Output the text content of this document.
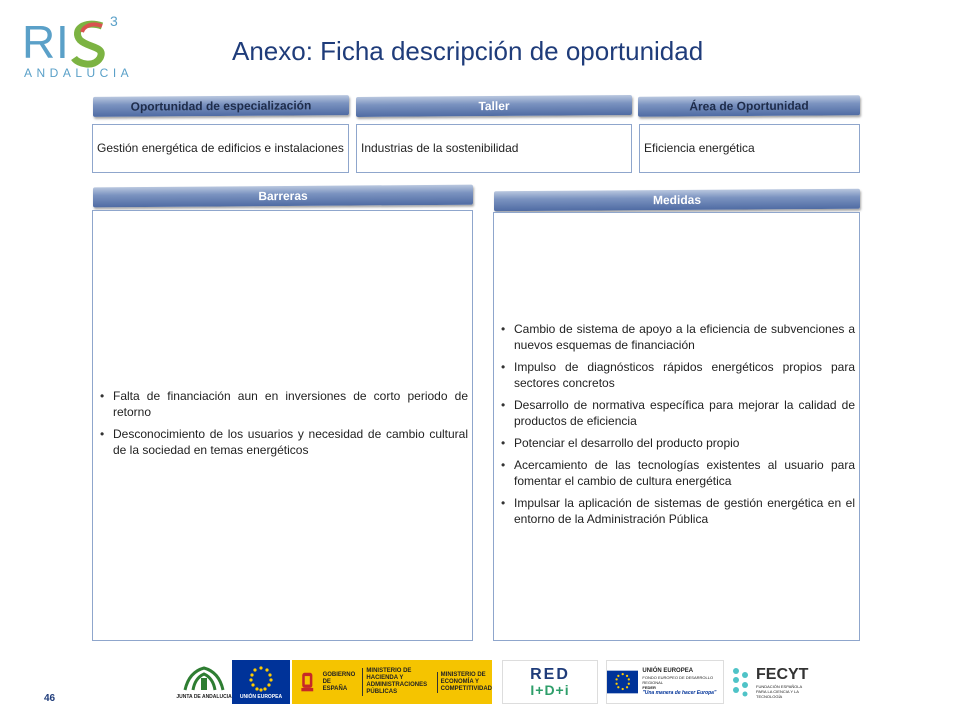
R I	3
ANDALUCIA
Anexo: Ficha descripción de oportunidad
Oportunidad de especialización	Taller	Área de Oportunidad
Gestión energética de edificios e instalaciones	Industrias de la sostenibilidad	Eficiencia energética
Barreras
• Falta de financiación aun en inversiones de corto periodo de retorno
• Desconocimiento de los usuarios y necesidad de cambio cultural de la sociedad en temas energéticos
Medidas
• Cambio de sistema de apoyo a la eficiencia de subvenciones a nuevos esquemas de financiación
• Impulso de diagnósticos rápidos energéticos propios para sectores concretos
• Desarrollo de normativa específica para mejorar la calidad de productos de eficiencia
• Potenciar el desarrollo del producto propio
• Acercamiento de las tecnologías existentes al usuario para fomentar el cambio de cultura energética
• Impulsar la aplicación de sistemas de gestión energética en el entorno de la Administración Pública
46	JUNTA DE ANDALUCIA UNIÓN EUROPEA
GOBIERNO DE ESPAÑA
MINISTERIO DE HACIENDA Y ADMINISTRACIONES PÚBLICAS
MINISTERIO DE ECONOMÍA Y COMPETITIVIDAD
RED
I+D+i
UNIÓN EUROPEA
FONDO EUROPEO DE DESARROLLO REGIONAL
FEDER
"Una manera de hacer Europa"
FECYT
FUNDACIÓN ESPAÑOLA PARA LA CIENCIA Y LA TECNOLOGÍA
